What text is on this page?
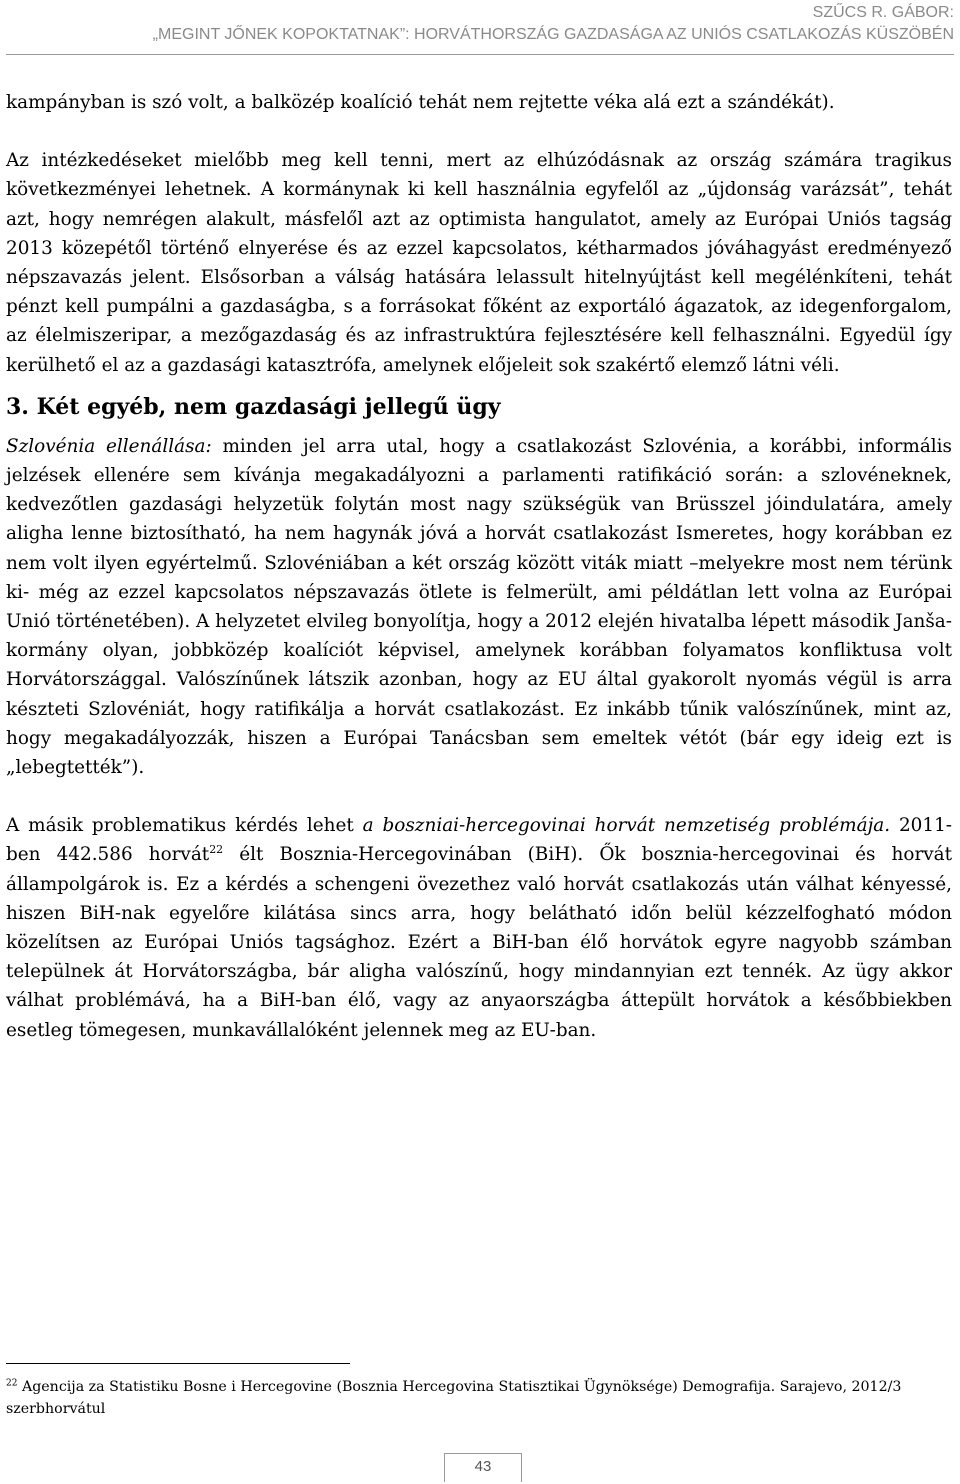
SZŰCS R. GÁBOR:
„MEGINT JŐNEK KOPOKTATNAK”: HORVÁTHORSZÁG GAZDASÁGA AZ UNIÓS CSATLAKOZÁS KÜSZÖBÉN

kampányban is szó volt, a balközép koalíció tehát nem rejtette véka alá ezt a szándékát).

Az intézkedéseket mielőbb meg kell tenni, mert az elhúzódásnak az ország számára tragikus következményei lehetnek. A kormánynak ki kell használnia egyfelől az „újdonság varázsát”, tehát azt, hogy nemrégen alakult, másfelől azt az optimista hangulatot, amely az Európai Uniós tagság 2013 közepétől történő elnyerése és az ezzel kapcsolatos, kétharmados jóváhagyást eredményező népszavazás jelent. Elsősorban a válság hatására lelassult hitelnyújtást kell megélénkíteni, tehát pénzt kell pumpálni a gazdaságba, s a forrásokat főként az exportáló ágazatok, az idegenforgalom, az élelmiszeripar, a mezőgazdaság és az infrastruktúra fejlesztésére kell felhasználni. Egyedül így kerülhető el az a gazdasági katasztrófa, amelynek előjeleit sok szakértő elemző látni véli.

3. Két egyéb, nem gazdasági jellegű ügy

Szlovénia ellenállása: minden jel arra utal, hogy a csatlakozást Szlovénia, a korábbi, informális jelzések ellenére sem kívánja megakadályozni a parlamenti ratifikáció során: a szlovéneknek, kedvezőtlen gazdasági helyzetük folytán most nagy szükségük van Brüsszel jóindulatára, amely aligha lenne biztosítható, ha nem hagynák jóvá a horvát csatlakozást Ismeretes, hogy korábban ez nem volt ilyen egyértelmű. Szlovéniában a két ország között viták miatt –melyekre most nem térünk ki- még az ezzel kapcsolatos népszavazás ötlete is felmerült, ami példátlan lett volna az Európai Unió történetében). A helyzetet elvileg bonyolítja, hogy a 2012 elején hivatalba lépett második Janša-kormány olyan, jobbközép koalíciót képvisel, amelynek korábban folyamatos konfliktusa volt Horvátországgal. Valószínűnek látszik azonban, hogy az EU által gyakorolt nyomás végül is arra készteti Szlovéniát, hogy ratifikálja a horvát csatlakozást. Ez inkább tűnik valószínűnek, mint az, hogy megakadályozzák, hiszen a Európai Tanácsban sem emeltek vétót (bár egy ideig ezt is „lebegtették”).

A másik problematikus kérdés lehet a boszniai-hercegovinai horvát nemzetiség problémája. 2011-ben 442.586 horvát$^{22}$ élt Bosznia-Hercegovinában (BiH). Ők bosznia-hercegovinai és horvát állampolgárok is. Ez a kérdés a schengeni övezethez való horvát csatlakozás után válhat kényessé, hiszen BiH-nak egyelőre kilátása sincs arra, hogy belátható időn belül kézzelfogható módon közelítsen az Európai Uniós tagsághoz. Ezért a BiH-ban élő horvátok egyre nagyobb számban települnek át Horvátországba, bár aligha valószínű, hogy mindannyian ezt tennék. Az ügy akkor válhat problémává, ha a BiH-ban élő, vagy az anyaországba áttepült horvátok a későbbiekben esetleg tömegesen, munkavállalóként jelennek meg az EU-ban.

$^{22}$ Agencija za Statistiku Bosne i Hercegovine (Bosznia Hercegovina Statisztikai Ügynöksége) Demografija. Sarajevo, 2012/3 szerbhorvátul
43
